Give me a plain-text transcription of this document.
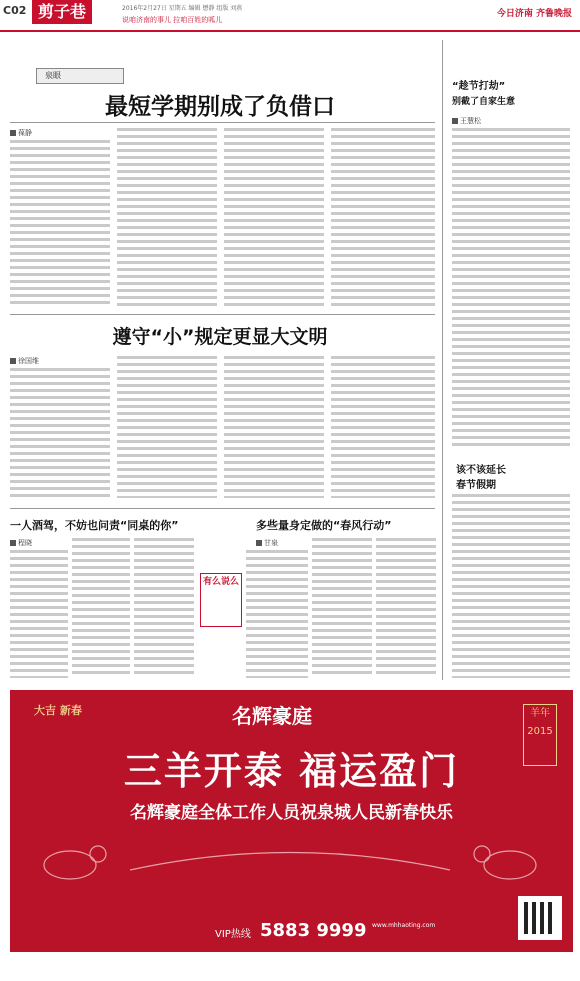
C02 剪子巷	2016年2月27日 星期五 编辑 懋静 组版 刘燕
说咱济南的事儿 拉咱百姓的呱儿
今日济南 齐鲁晚报
泉眼
最短学期别成了负借口
葆静
遵守“小”规定更显大文明
徐国维
一人酒驾，不妨也问责“同桌的你”	多些量身定做的“春风行动”
程晓	甘泉
有么说么
“趁节打劫”
别截了自家生意
王慧松
该不该延长
春节假期
大吉 新春	羊年 2015
名辉豪庭
三羊开泰 福运盈门
名辉豪庭全体工作人员祝泉城人民新春快乐
VIP热线 5883 9999 www.mhhaoting.com
